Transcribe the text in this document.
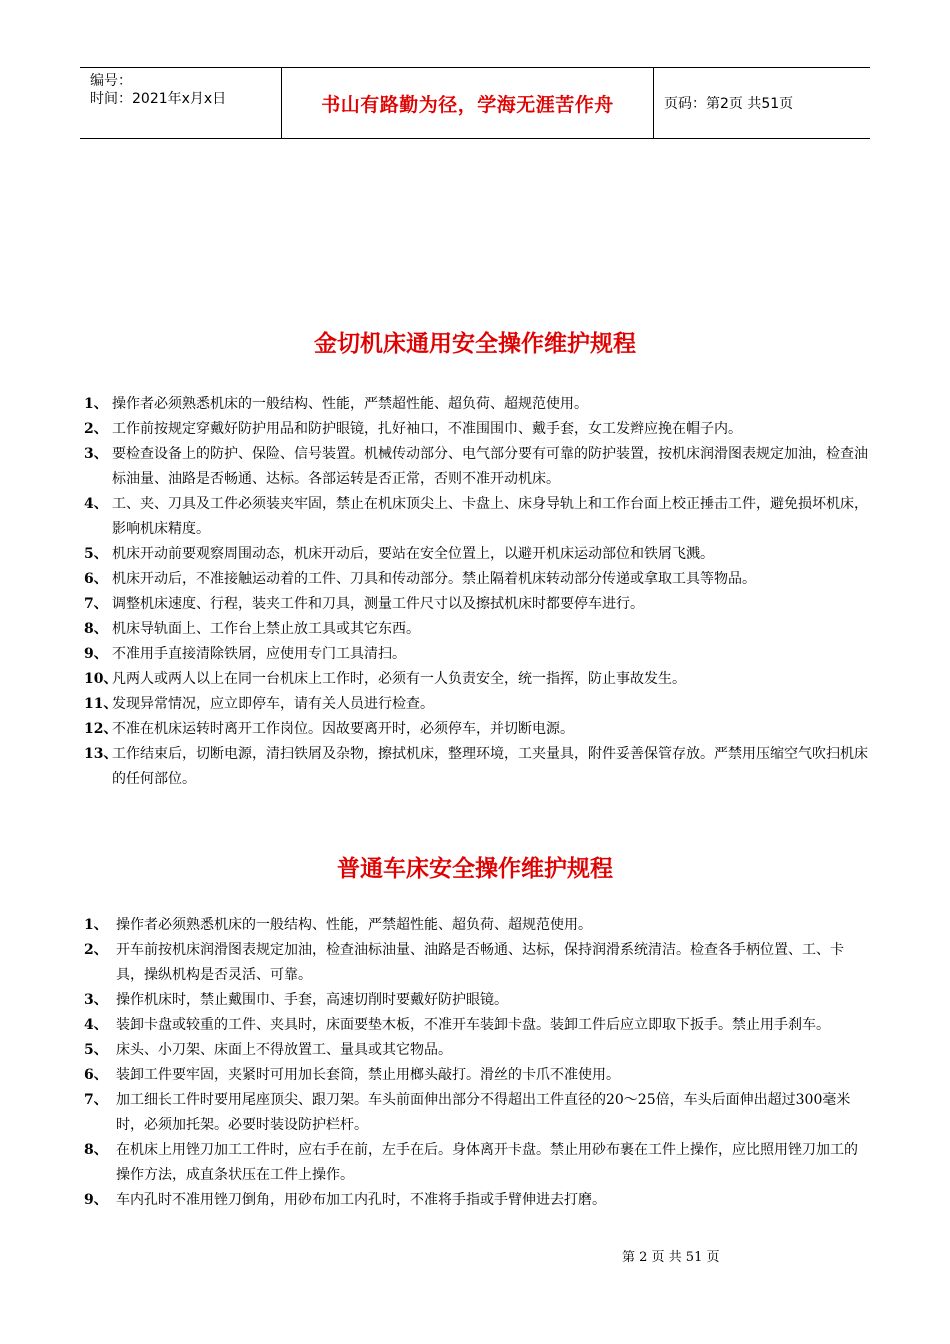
编号：
时间：2021年x月x日	书山有路勤为径，学海无涯苦作舟	页码：第2页 共51页
金切机床通用安全操作维护规程
1、 操作者必须熟悉机床的一般结构、性能，严禁超性能、超负荷、超规范使用。
2、 工作前按规定穿戴好防护用品和防护眼镜，扎好袖口，不准围围巾、戴手套，女工发辫应挽在帽子内。
3、 要检查设备上的防护、保险、信号装置。机械传动部分、电气部分要有可靠的防护装置，按机床润滑图表规定加油，检查油标油量、油路是否畅通、达标。各部运转是否正常，否则不准开动机床。
4、 工、夹、刀具及工件必须装夹牢固，禁止在机床顶尖上、卡盘上、床身导轨上和工作台面上校正捶击工件，避免损坏机床，影响机床精度。
5、 机床开动前要观察周围动态，机床开动后，要站在安全位置上，以避开机床运动部位和铁屑飞溅。
6、 机床开动后，不准接触运动着的工件、刀具和传动部分。禁止隔着机床转动部分传递或拿取工具等物品。
7、 调整机床速度、行程，装夹工件和刀具，测量工件尺寸以及擦拭机床时都要停车进行。
8、 机床导轨面上、工作台上禁止放工具或其它东西。
9、 不准用手直接清除铁屑，应使用专门工具清扫。
10、
凡两人或两人以上在同一台机床上工作时，必须有一人负责安全，统一指挥，防止事故发生。
11、
发现异常情况，应立即停车，请有关人员进行检查。
12、
不准在机床运转时离开工作岗位。因故要离开时，必须停车，并切断电源。
13、
工作结束后，切断电源，清扫铁屑及杂物，擦拭机床，整理环境，工夹量具，附件妥善保管存放。严禁用压缩空气吹扫机床的任何部位。
普通车床安全操作维护规程
1、 操作者必须熟悉机床的一般结构、性能，严禁超性能、超负荷、超规范使用。
2、 开车前按机床润滑图表规定加油，检查油标油量、油路是否畅通、达标，保持润滑系统清洁。检查各手柄位置、工、卡具，操纵机构是否灵活、可靠。
3、 操作机床时，禁止戴围巾、手套，高速切削时要戴好防护眼镜。
4、 装卸卡盘或较重的工件、夹具时，床面要垫木板，不准开车装卸卡盘。装卸工件后应立即取下扳手。禁止用手刹车。
5、 床头、小刀架、床面上不得放置工、量具或其它物品。
6、 装卸工件要牢固，夹紧时可用加长套筒，禁止用榔头敲打。滑丝的卡爪不准使用。
7、 加工细长工件时要用尾座顶尖、跟刀架。车头前面伸出部分不得超出工件直径的20～25倍，车头后面伸出超过300毫米时，必须加托架。必要时装设防护栏杆。
8、 在机床上用锉刀加工工件时，应右手在前，左手在后。身体离开卡盘。禁止用砂布裹在工件上操作，应比照用锉刀加工的操作方法，成直条状压在工件上操作。
9、 车内孔时不准用锉刀倒角，用砂布加工内孔时，不准将手指或手臂伸进去打磨。
第 2 页 共 51 页
